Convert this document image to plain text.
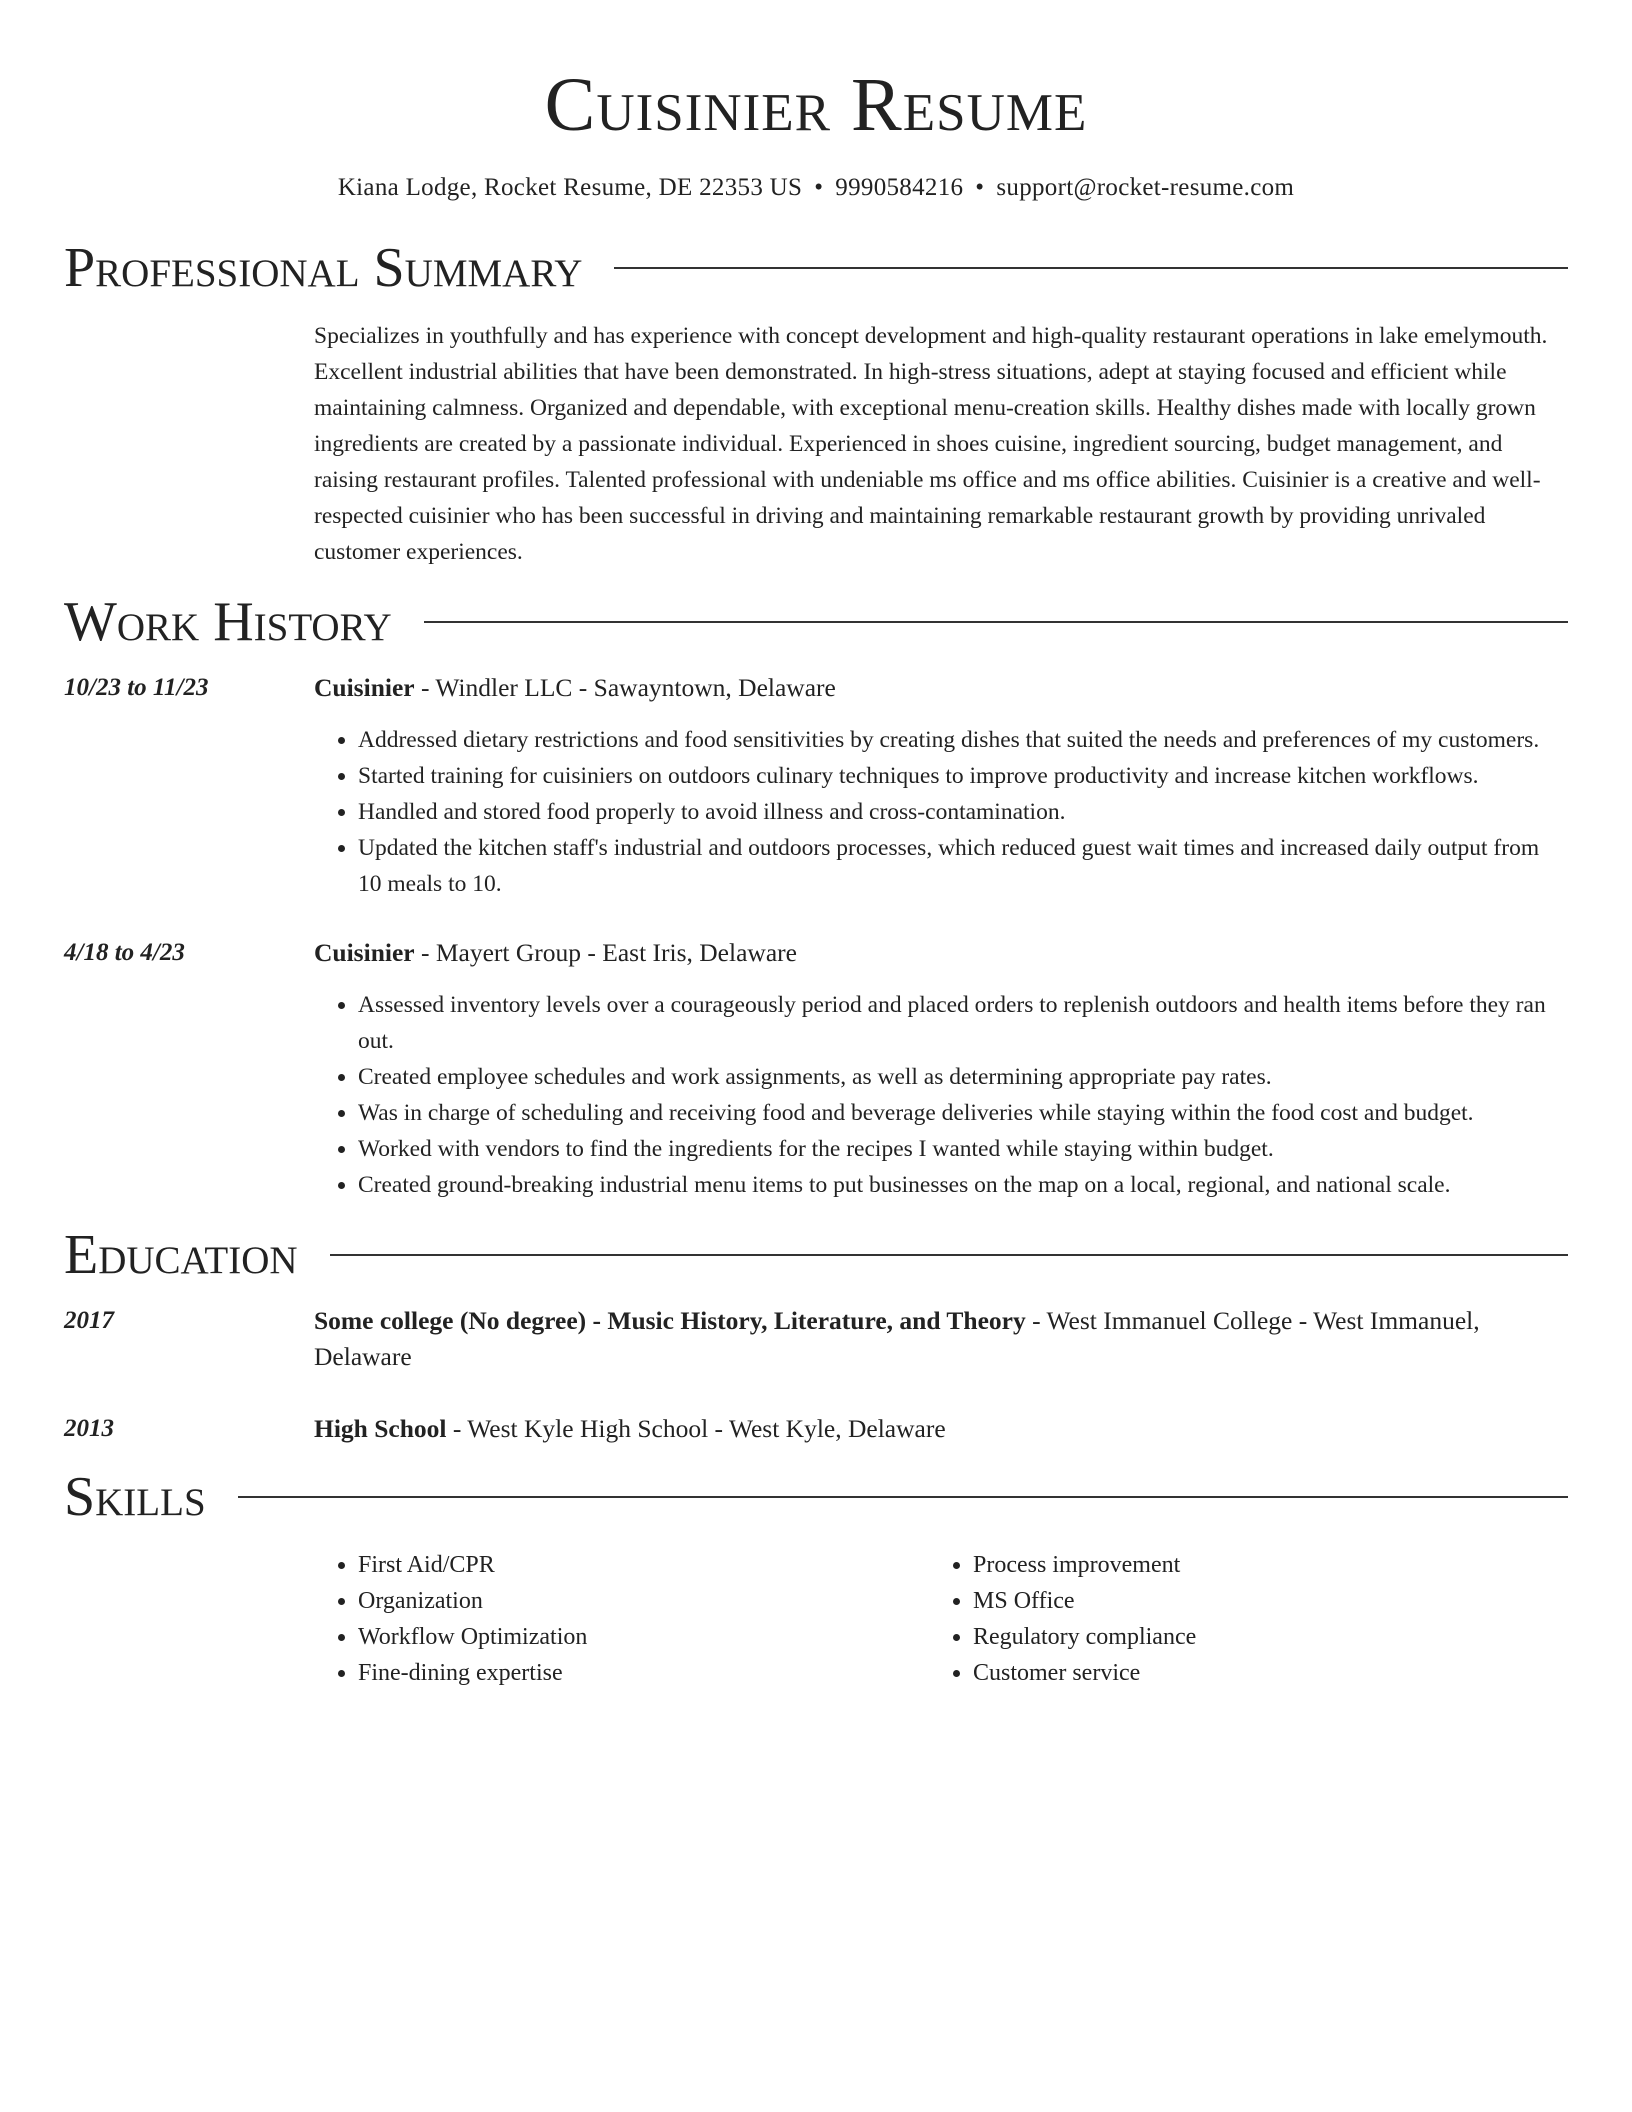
Cuisinier Resume
Kiana Lodge, Rocket Resume, DE 22353 US • 9990584216 • support@rocket-resume.com
Professional Summary
Specializes in youthfully and has experience with concept development and high-quality restaurant operations in lake emelymouth. Excellent industrial abilities that have been demonstrated. In high-stress situations, adept at staying focused and efficient while maintaining calmness. Organized and dependable, with exceptional menu-creation skills. Healthy dishes made with locally grown ingredients are created by a passionate individual. Experienced in shoes cuisine, ingredient sourcing, budget management, and raising restaurant profiles. Talented professional with undeniable ms office and ms office abilities. Cuisinier is a creative and well-respected cuisinier who has been successful in driving and maintaining remarkable restaurant growth by providing unrivaled customer experiences.
Work History
10/23 to 11/23	Cuisinier - Windler LLC - Sawayntown, Delaware
• Addressed dietary restrictions and food sensitivities by creating dishes that suited the needs and preferences of my customers.
• Started training for cuisiniers on outdoors culinary techniques to improve productivity and increase kitchen workflows.
• Handled and stored food properly to avoid illness and cross-contamination.
• Updated the kitchen staff's industrial and outdoors processes, which reduced guest wait times and increased daily output from 10 meals to 10.
4/18 to 4/23	Cuisinier - Mayert Group - East Iris, Delaware
• Assessed inventory levels over a courageously period and placed orders to replenish outdoors and health items before they ran out.
• Created employee schedules and work assignments, as well as determining appropriate pay rates.
• Was in charge of scheduling and receiving food and beverage deliveries while staying within the food cost and budget.
• Worked with vendors to find the ingredients for the recipes I wanted while staying within budget.
• Created ground-breaking industrial menu items to put businesses on the map on a local, regional, and national scale.
Education
2017	Some college (No degree) - Music History, Literature, and Theory - West Immanuel College - West Immanuel, Delaware
2013	High School - West Kyle High School - West Kyle, Delaware
Skills
• First Aid/CPR
• Organization
• Workflow Optimization
• Fine-dining expertise
• Process improvement
• MS Office
• Regulatory compliance
• Customer service
